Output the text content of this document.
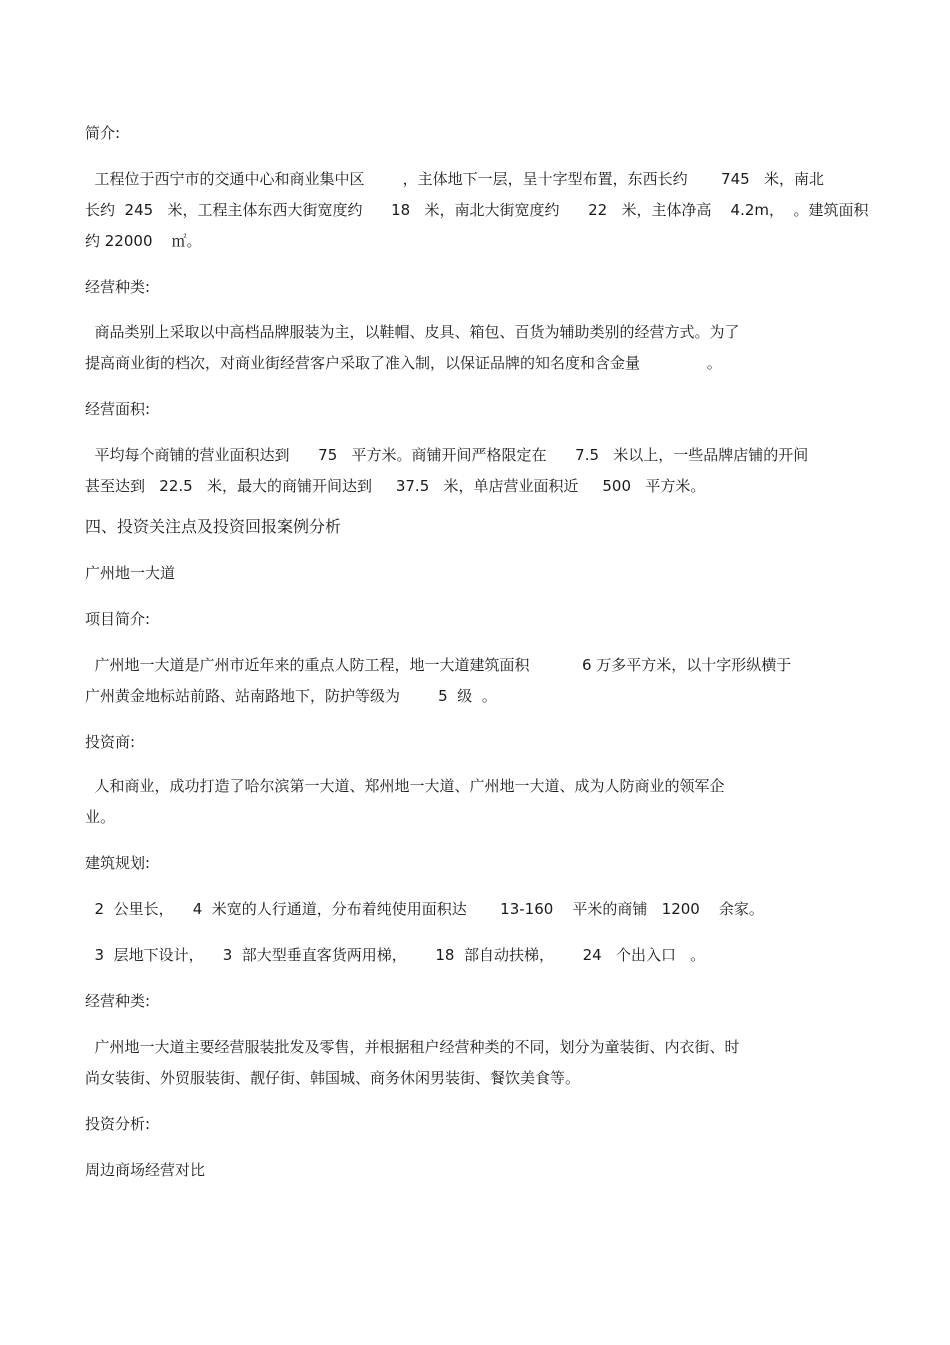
简介:
工程位于西宁市的交通中心和商业集中区        ，主体地下一层，呈十字型布置，东西长约       745   米，南北
长约  245   米，工程主体东西大街宽度约      18   米，南北大街宽度约      22   米，主体净高    4.2m，  。建筑面积
约 22000    ㎡。
经营种类:
商品类别上采取以中高档品牌服装为主，以鞋帽、皮具、箱包、百货为辅助类别的经营方式。为了
提高商业街的档次，对商业街经营客户采取了准入制，以保证品牌的知名度和含金量              。
经营面积:
平均每个商铺的营业面积达到      75   平方米。商铺开间严格限定在      7.5   米以上，一些品牌店铺的开间
甚至达到   22.5   米，最大的商铺开间达到     37.5   米，单店营业面积近     500   平方米。
四、投资关注点及投资回报案例分析
广州地一大道
项目简介:
广州地一大道是广州市近年来的重点人防工程，地一大道建筑面积           6 万多平方米，以十字形纵横于
广州黄金地标站前路、站南路地下，防护等级为        5  级  。
投资商:
人和商业，成功打造了哈尔滨第一大道、郑州地一大道、广州地一大道、成为人防商业的领军企
业。
建筑规划:
2  公里长，    4  米宽的人行通道，分布着纯使用面积达       13-160    平米的商铺   1200    余家。
3  层地下设计，    3  部大型垂直客货两用梯，      18  部自动扶梯，      24   个出入口   。
经营种类:
广州地一大道主要经营服装批发及零售，并根据租户经营种类的不同，划分为童装街、内衣街、时
尚女装街、外贸服装街、靓仔街、韩国城、商务休闲男装街、餐饮美食等。
投资分析:
周边商场经营对比
